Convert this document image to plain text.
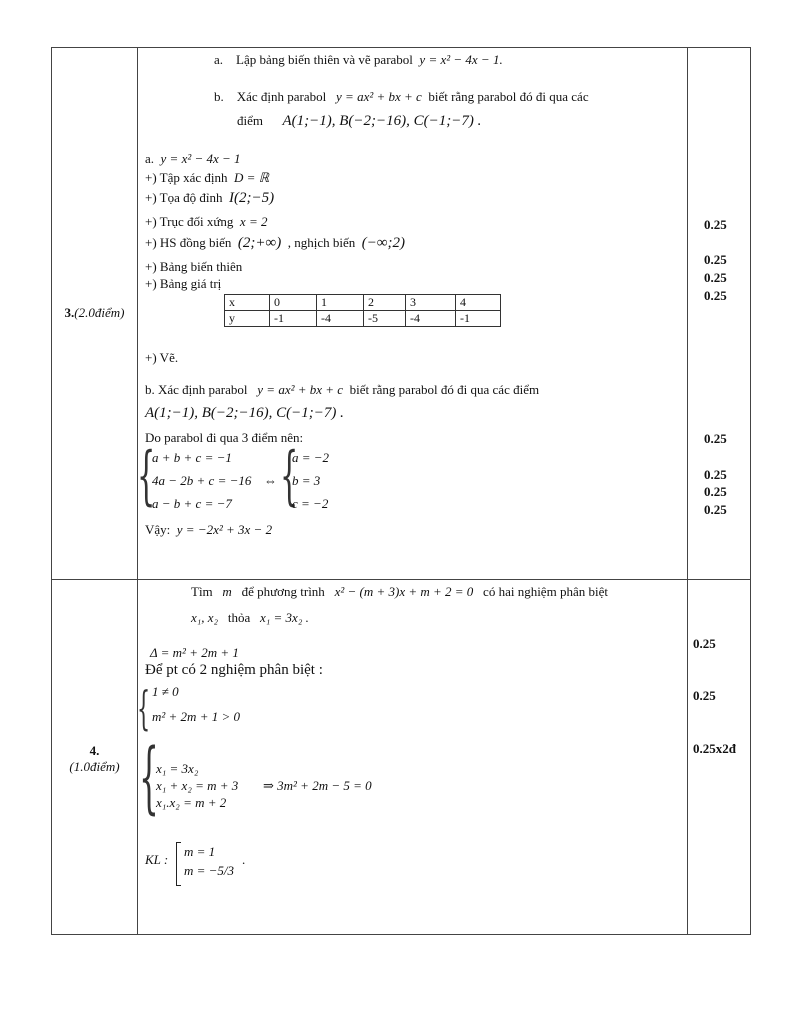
3.(2.0điểm)
a. Lập bảng biến thiên và vẽ parabol y = x² − 4x − 1.
b. Xác định parabol y = ax² + bx + c biết rằng parabol đó đi qua các
điểm A(1;−1), B(−2;−16), C(−1;−7) .
a. y = x² − 4x − 1
+) Tập xác định D = ℝ
+) Tọa độ đỉnh I(2;−5)
+) Trục đối xứng x = 2
+) HS đồng biến (2;+∞) , nghịch biến (−∞;2)
+) Bảng biến thiên
+) Bảng giá trị
x	0	1	2	3	4
y	-1	-4	-5	-4	-1
+) Vẽ.
b. Xác định parabol y = ax² + bx + c biết rằng parabol đó đi qua các điểm
A(1;−1), B(−2;−16), C(−1;−7) .
Do parabol đi qua 3 điểm nên:
{
a + b + c = −1
4a − 2b + c = −16
a − b + c = −7
⇔ {
a = −2
b = 3
c = −2
Vậy: y = −2x² + 3x − 2
0.25
0.25
0.25
0.25
0.25
0.25
0.25
0.25
4.
(1.0điểm)
Tìm m để phương trình x² − (m + 3)x + m + 2 = 0 có hai nghiệm phân biệt
x₁, x₂ thỏa x₁ = 3x₂ .
Δ = m² + 2m + 1
Để pt có 2 nghiệm phân biệt :
{ 1 ≠ 0
m² + 2m + 1 > 0
{
x₁ = 3x₂
x₁ + x₂ = m + 3 ⇒ 3m² + 2m − 5 = 0
x₁.x₂ = m + 2
KL :
m = 1
m = −5/3
.
0.25
0.25
0.25x2đ
